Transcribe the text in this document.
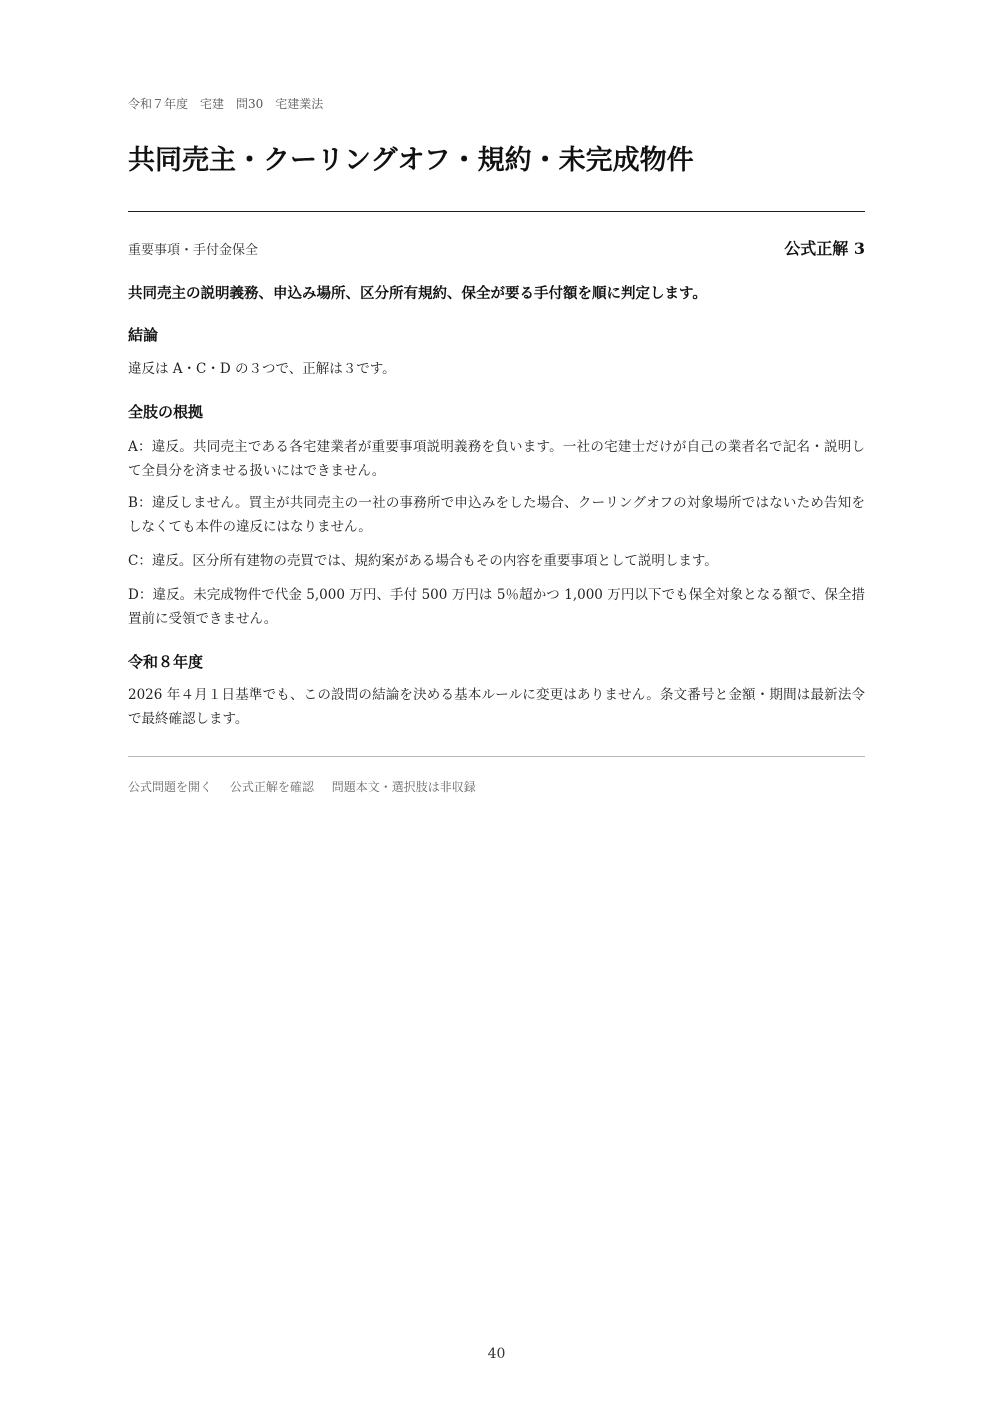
令和７年度　宅建　問30　宅建業法
共同売主・クーリングオフ・規約・未完成物件
重要事項・手付金保全	公式正解 3
共同売主の説明義務、申込み場所、区分所有規約、保全が要る手付額を順に判定します。
結論
違反は A・C・D の３つで、正解は３です。
全肢の根拠
A：違反。共同売主である各宅建業者が重要事項説明義務を負います。一社の宅建士だけが自己の業者名で記名・説明して全員分を済ませる扱いにはできません。
B：違反しません。買主が共同売主の一社の事務所で申込みをした場合、クーリングオフの対象場所ではないため告知をしなくても本件の違反にはなりません。
C：違反。区分所有建物の売買では、規約案がある場合もその内容を重要事項として説明します。
D：違反。未完成物件で代金 5,000 万円、手付 500 万円は 5％超かつ 1,000 万円以下でも保全対象となる額で、保全措置前に受領できません。
令和８年度
2026 年４月１日基準でも、この設問の結論を決める基本ルールに変更はありません。条文番号と金額・期間は最新法令で最終確認します。
公式問題を開く 公式正解を確認 問題本文・選択肢は非収録
40
